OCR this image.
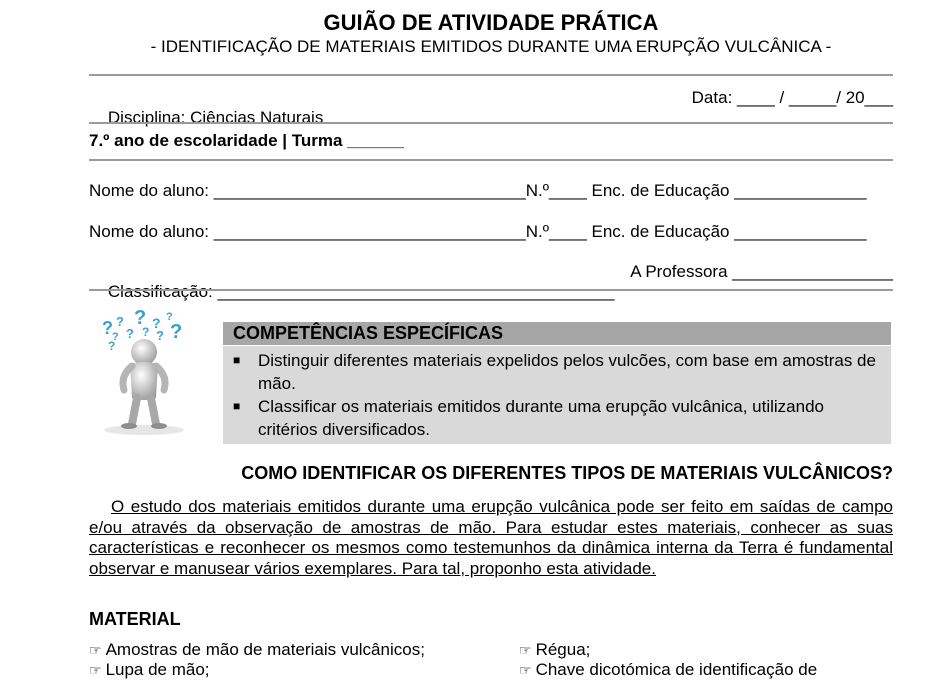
GUIÃO DE ATIVIDADE PRÁTICA
- IDENTIFICAÇÃO DE MATERIAIS EMITIDOS DURANTE UMA ERUPÇÃO VULCÂNICA -

Disciplina: Ciências Naturais

Data: ____ / _____/ 20___

7.º ano de escolaridade | Turma ______
Nome do aluno: _________________________________N.º____ Enc. de Educação ______________
Nome do aluno: _________________________________N.º____ Enc. de Educação ______________

Classificação: __________________________________________

A Professora _________________

? ? ? ? ?
?
? ? ? ?
?
COMPETÊNCIAS ESPECÍFICAS
■ Distinguir diferentes materiais expelidos pelos vulcões, com base em amostras de mão.
■ Classificar os materiais emitidos durante uma erupção vulcânica, utilizando critérios diversificados.
COMO IDENTIFICAR OS DIFERENTES TIPOS DE MATERIAIS VULCÂNICOS?
O estudo dos materiais emitidos durante uma erupção vulcânica pode ser feito em saídas de campo e/ou através da observação de amostras de mão. Para estudar estes materiais, conhecer as suas características e reconhecer os mesmos como testemunhos da dinâmica interna da Terra é fundamental observar e manusear vários exemplares. Para tal, proponho esta atividade.
MATERIAL
☞ Amostras de mão de materiais vulcânicos;
☞ Lupa de mão;
☞ Régua;
☞ Chave dicotómica de identificação de
